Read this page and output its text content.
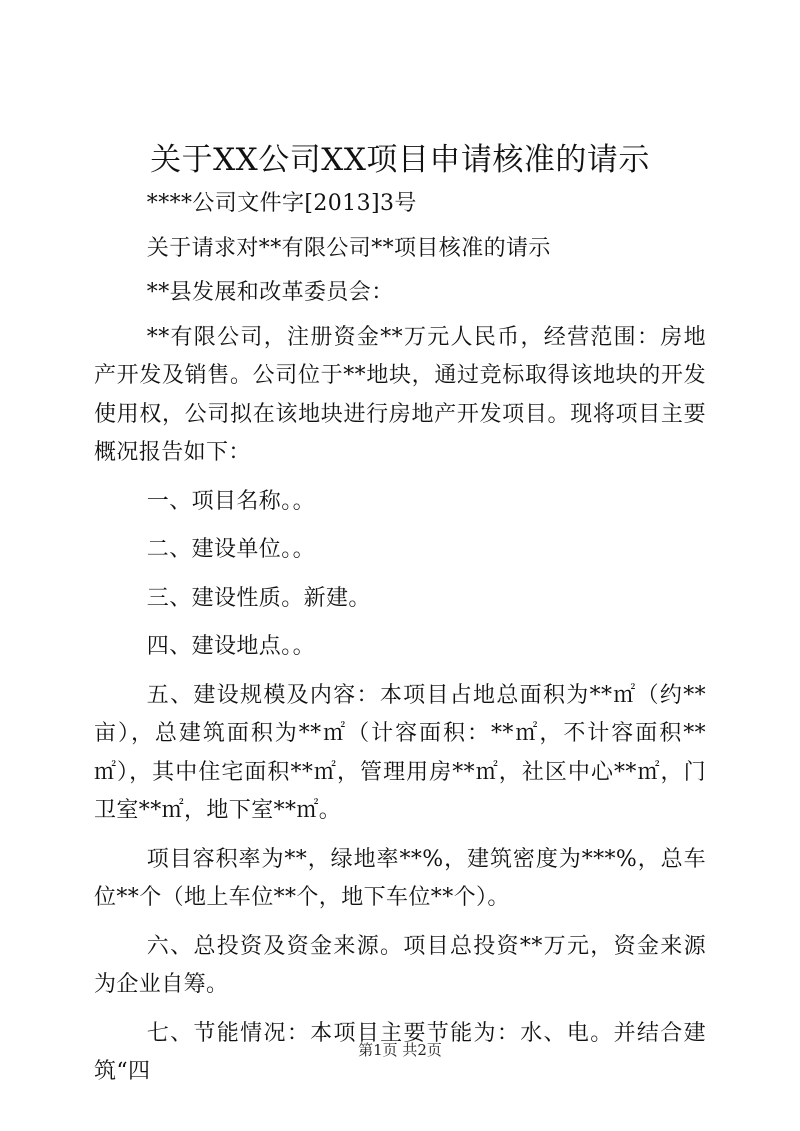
关于XX公司XX项目申请核准的请示

****公司文件字[2013]3号

关于请求对**有限公司**项目核准的请示

**县发展和改革委员会：

**有限公司，注册资金**万元人民币，经营范围：房地产开发及销售。公司位于**地块，通过竞标取得该地块的开发使用权，公司拟在该地块进行房地产开发项目。现将项目主要概况报告如下：

一、项目名称。。

二、建设单位。。

三、建设性质。新建。

四、建设地点。。

五、建设规模及内容：本项目占地总面积为**㎡（约**亩），总建筑面积为**㎡（计容面积：**㎡，不计容面积**㎡），其中住宅面积**㎡，管理用房**㎡，社区中心**㎡，门卫室**㎡，地下室**㎡。

项目容积率为**，绿地率**%，建筑密度为***%，总车位**个（地上车位**个，地下车位**个）。

六、总投资及资金来源。项目总投资**万元，资金来源为企业自筹。

七、节能情况：本项目主要节能为：水、电。并结合建筑“四

第1页 共2页
